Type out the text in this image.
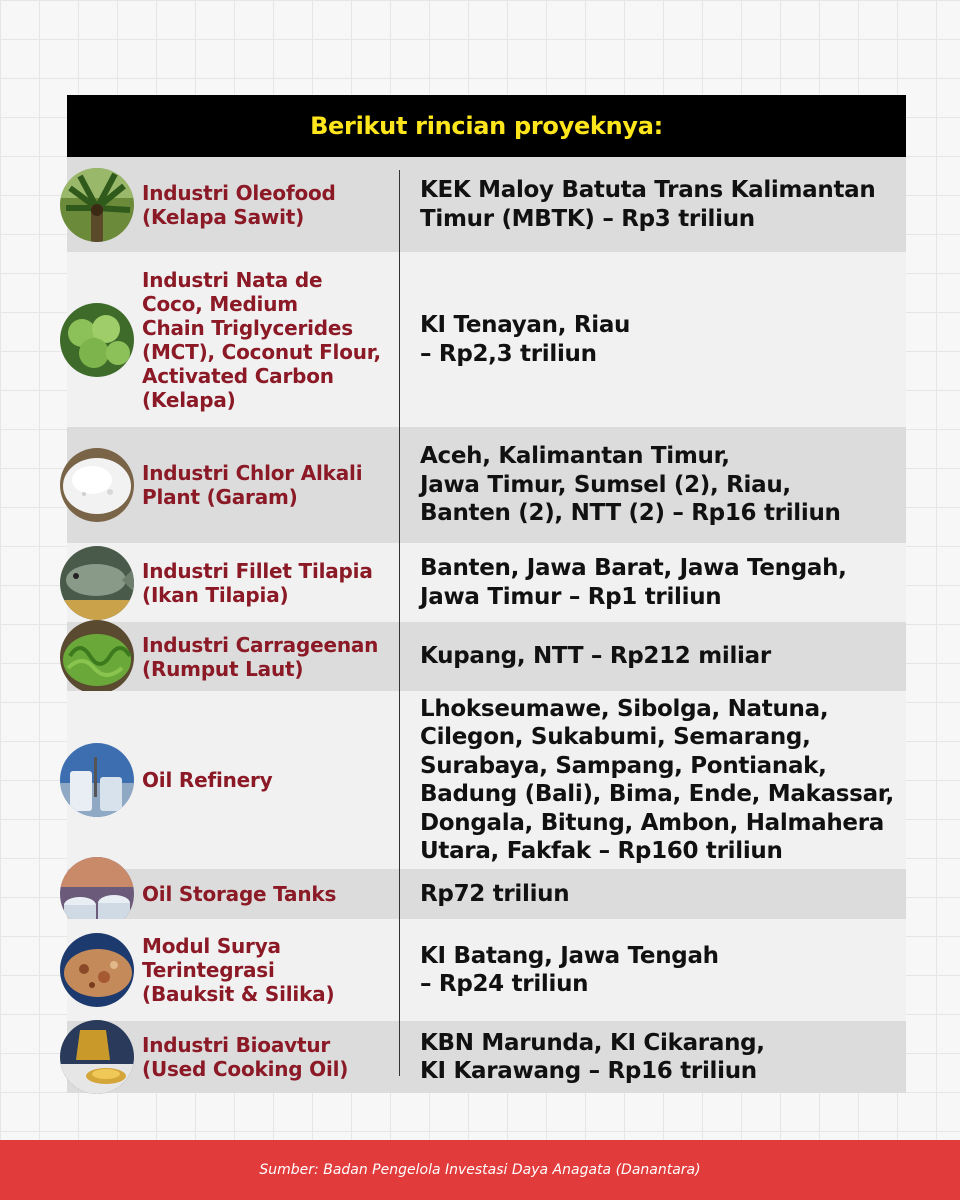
Berikut rincian proyeknya:
Industri Oleofood
(Kelapa Sawit)
KEK Maloy Batuta Trans Kalimantan
Timur (MBTK) – Rp3 triliun
Industri Nata de
Coco, Medium
Chain Triglycerides
(MCT), Coconut Flour,
Activated Carbon
(Kelapa)
KI Tenayan, Riau
– Rp2,3 triliun
Industri Chlor Alkali
Plant (Garam)
Aceh, Kalimantan Timur,
Jawa Timur, Sumsel (2), Riau,
Banten (2), NTT (2) – Rp16 triliun
Industri Fillet Tilapia
(Ikan Tilapia)
Banten, Jawa Barat, Jawa Tengah,
Jawa Timur – Rp1 triliun
Industri Carrageenan
(Rumput Laut)	Kupang, NTT – Rp212 miliar
Oil Refinery
Lhokseumawe, Sibolga, Natuna,
Cilegon, Sukabumi, Semarang,
Surabaya, Sampang, Pontianak,
Badung (Bali), Bima, Ende, Makassar,
Dongala, Bitung, Ambon, Halmahera
Utara, Fakfak – Rp160 triliun
Oil Storage Tanks	Rp72 triliun
Modul Surya
Terintegrasi
(Bauksit & Silika)
KI Batang, Jawa Tengah
– Rp24 triliun
Industri Bioavtur
(Used Cooking Oil)
KBN Marunda, KI Cikarang,
KI Karawang – Rp16 triliun
Sumber: Badan Pengelola Investasi Daya Anagata (Danantara)
